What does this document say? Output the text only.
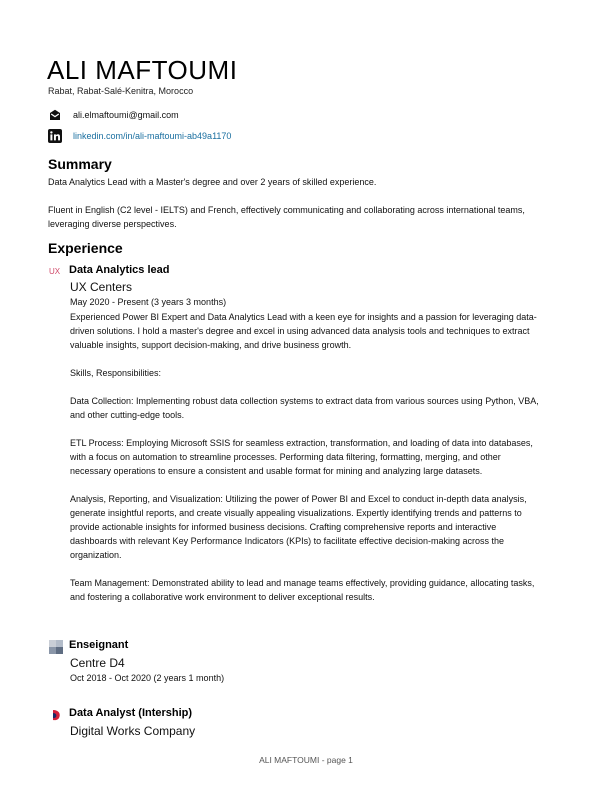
ALI MAFTOUMI
Rabat, Rabat-Salé-Kenitra, Morocco
ali.elmaftoumi@gmail.com
linkedin.com/in/ali-maftoumi-ab49a1170
Summary

Data Analytics Lead with a Master's degree and over 2 years of skilled experience.

Fluent in English (C2 level - IELTS) and French, effectively communicating and collaborating across international teams, leveraging diverse perspectives.

Experience
UX Data Analytics lead
UX Centers
May 2020 - Present (3 years 3 months)

Experienced Power BI Expert and Data Analytics Lead with a keen eye for insights and a passion for leveraging data-driven solutions. I hold a master's degree and excel in using advanced data analysis tools and techniques to extract valuable insights, support decision-making, and drive business growth.

Skills, Responsibilities:

Data Collection: Implementing robust data collection systems to extract data from various sources using Python, VBA, and other cutting-edge tools.

ETL Process: Employing Microsoft SSIS for seamless extraction, transformation, and loading of data into databases, with a focus on automation to streamline processes. Performing data filtering, formatting, merging, and other necessary operations to ensure a consistent and usable format for mining and analyzing large datasets.

Analysis, Reporting, and Visualization: Utilizing the power of Power BI and Excel to conduct in-depth data analysis, generate insightful reports, and create visually appealing visualizations. Expertly identifying trends and patterns to provide actionable insights for informed business decisions. Crafting comprehensive reports and interactive dashboards with relevant Key Performance Indicators (KPIs) to facilitate effective decision-making across the organization.

Team Management: Demonstrated ability to lead and manage teams effectively, providing guidance, allocating tasks, and fostering a collaborative work environment to deliver exceptional results.

Enseignant
Centre D4
Oct 2018 - Oct 2020 (2 years 1 month)
Data Analyst (Intership)
Digital Works Company
ALI MAFTOUMI - page 1
